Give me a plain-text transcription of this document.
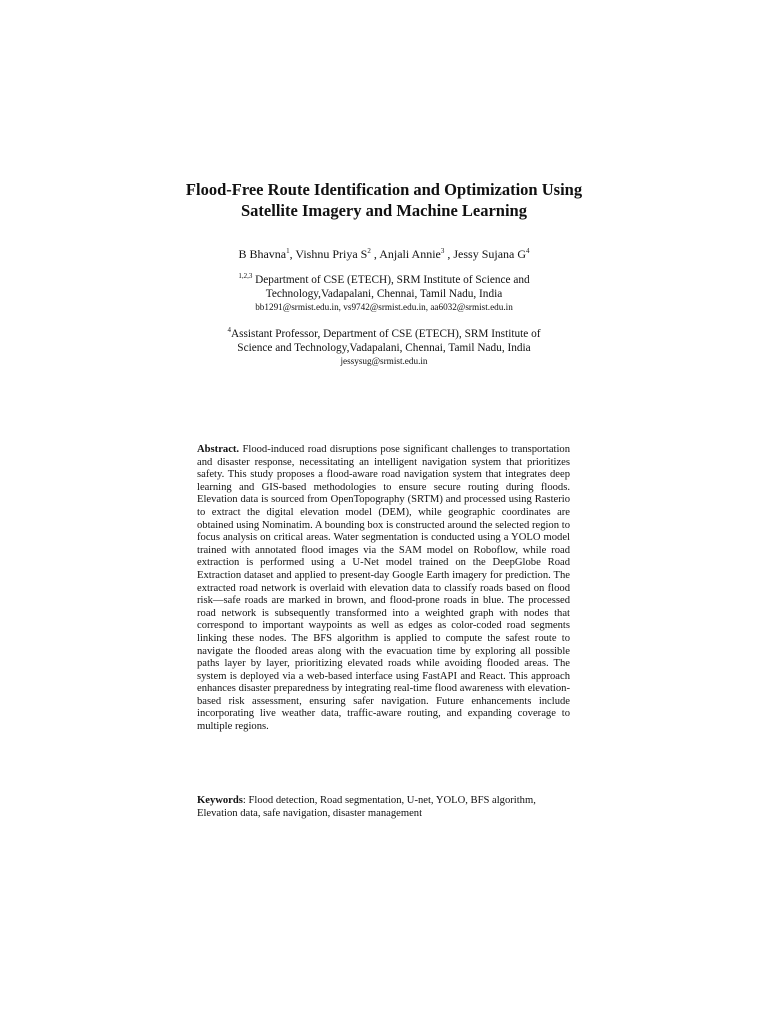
Flood-Free Route Identification and Optimization Using
Satellite Imagery and Machine Learning
B Bhavna$^1$, Vishnu Priya $S^2$ , Anjali Annie$^3$ , Jessy Sujana $G^4$
$^{1,2,3}$ Department of CSE (ETECH), SRM Institute of Science and
Technology,Vadapalani, Chennai, Tamil Nadu, India
bb1291@srmist.edu.in, vs9742@srmist.edu.in, aa6032@srmist.edu.in
$^4$Assistant Professor, Department of CSE (ETECH), SRM Institute of
Science and Technology,Vadapalani, Chennai, Tamil Nadu, India
jessysug@srmist.edu.in

Abstract. Flood-induced road disruptions pose significant challenges to transportation and disaster response, necessitating an intelligent navigation system that prioritizes safety. This study proposes a flood-aware road navigation system that integrates deep learning and GIS-based methodologies to ensure secure routing during floods. Elevation data is sourced from OpenTopography (SRTM) and processed using Rasterio to extract the digital elevation model (DEM), while geographic coordinates are obtained using Nominatim. A bounding box is constructed around the selected region to focus analysis on critical areas. Water segmentation is conducted using a YOLO model trained with annotated flood images via the SAM model on Roboflow, while road extraction is performed using a U-Net model trained on the DeepGlobe Road Extraction dataset and applied to present-day Google Earth imagery for prediction. The extracted road network is overlaid with elevation data to classify roads based on flood risk—safe roads are marked in brown, and flood-prone roads in blue. The processed road network is subsequently transformed into a weighted graph with nodes that correspond to important waypoints as well as edges as color-coded road segments linking these nodes. The BFS algorithm is applied to compute the safest route to navigate the flooded areas along with the evacuation time by exploring all possible paths layer by layer, prioritizing elevated roads while avoiding flooded areas. The system is deployed via a web-based interface using FastAPI and React. This approach enhances disaster preparedness by integrating real-time flood awareness with elevation-based risk assessment, ensuring safer navigation. Future enhancements include incorporating live weather data, traffic-aware routing, and expanding coverage to multiple regions.

Keywords: Flood detection, Road segmentation, U-net, YOLO, BFS algorithm, Elevation data, safe navigation, disaster management
